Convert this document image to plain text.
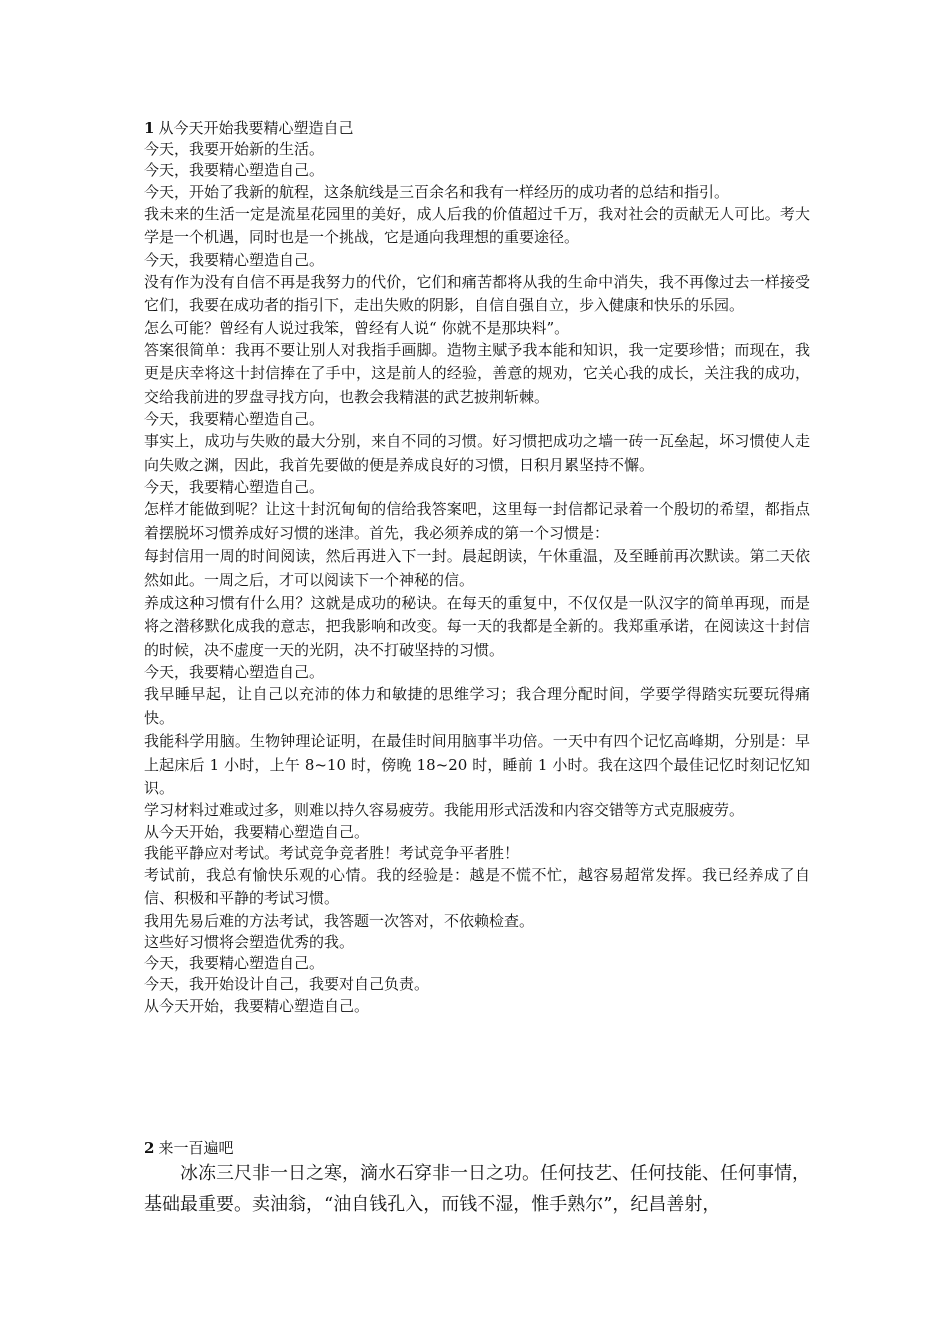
1 从今天开始我要精心塑造自己
今天，我要开始新的生活。
今天，我要精心塑造自己。
今天，开始了我新的航程，这条航线是三百余名和我有一样经历的成功者的总结和指引。
我未来的生活一定是流星花园里的美好，成人后我的价值超过千万，我对社会的贡献无人可比。考大学是一个机遇，同时也是一个挑战，它是通向我理想的重要途径。
今天，我要精心塑造自己。
没有作为没有自信不再是我努力的代价，它们和痛苦都将从我的生命中消失，我不再像过去一样接受它们，我要在成功者的指引下，走出失败的阴影，自信自强自立，步入健康和快乐的乐园。
怎么可能？曾经有人说过我笨，曾经有人说“ 你就不是那块料”。
答案很简单：我再不要让别人对我指手画脚。造物主赋予我本能和知识，我一定要珍惜；而现在，我更是庆幸将这十封信捧在了手中，这是前人的经验，善意的规劝，它关心我的成长，关注我的成功，交给我前进的罗盘寻找方向，也教会我精湛的武艺披荆斩棘。
今天，我要精心塑造自己。
事实上，成功与失败的最大分别，来自不同的习惯。好习惯把成功之墙一砖一瓦垒起，坏习惯使人走向失败之渊，因此，我首先要做的便是养成良好的习惯，日积月累坚持不懈。
今天，我要精心塑造自己。
怎样才能做到呢？让这十封沉甸甸的信给我答案吧，这里每一封信都记录着一个殷切的希望，都指点着摆脱坏习惯养成好习惯的迷津。首先，我必须养成的第一个习惯是：
每封信用一周的时间阅读，然后再进入下一封。晨起朗读，午休重温，及至睡前再次默读。第二天依然如此。一周之后，才可以阅读下一个神秘的信。
养成这种习惯有什么用？这就是成功的秘诀。在每天的重复中，不仅仅是一队汉字的简单再现，而是将之潜移默化成我的意志，把我影响和改变。每一天的我都是全新的。我郑重承诺，在阅读这十封信的时候，决不虚度一天的光阴，决不打破坚持的习惯。
今天，我要精心塑造自己。
我早睡早起，让自己以充沛的体力和敏捷的思维学习；我合理分配时间，学要学得踏实玩要玩得痛快。
我能科学用脑。生物钟理论证明，在最佳时间用脑事半功倍。一天中有四个记忆高峰期，分别是：早上起床后 1 小时，上午 8~10 时，傍晚 18~20 时，睡前 1 小时。我在这四个最佳记忆时刻记忆知识。
学习材料过难或过多，则难以持久容易疲劳。我能用形式活泼和内容交错等方式克服疲劳。
从今天开始，我要精心塑造自己。
我能平静应对考试。考试竞争竞者胜！考试竞争平者胜！
考试前，我总有愉快乐观的心情。我的经验是：越是不慌不忙，越容易超常发挥。我已经养成了自信、积极和平静的考试习惯。
我用先易后难的方法考试，我答题一次答对，不依赖检查。
这些好习惯将会塑造优秀的我。
今天，我要精心塑造自己。
今天，我开始设计自己，我要对自己负责。
从今天开始，我要精心塑造自己。
2 来一百遍吧
冰冻三尺非一日之寒，滴水石穿非一日之功。任何技艺、任何技能、任何事情，基础最重要。卖油翁，“油自钱孔入，而钱不湿，惟手熟尔”，纪昌善射，
